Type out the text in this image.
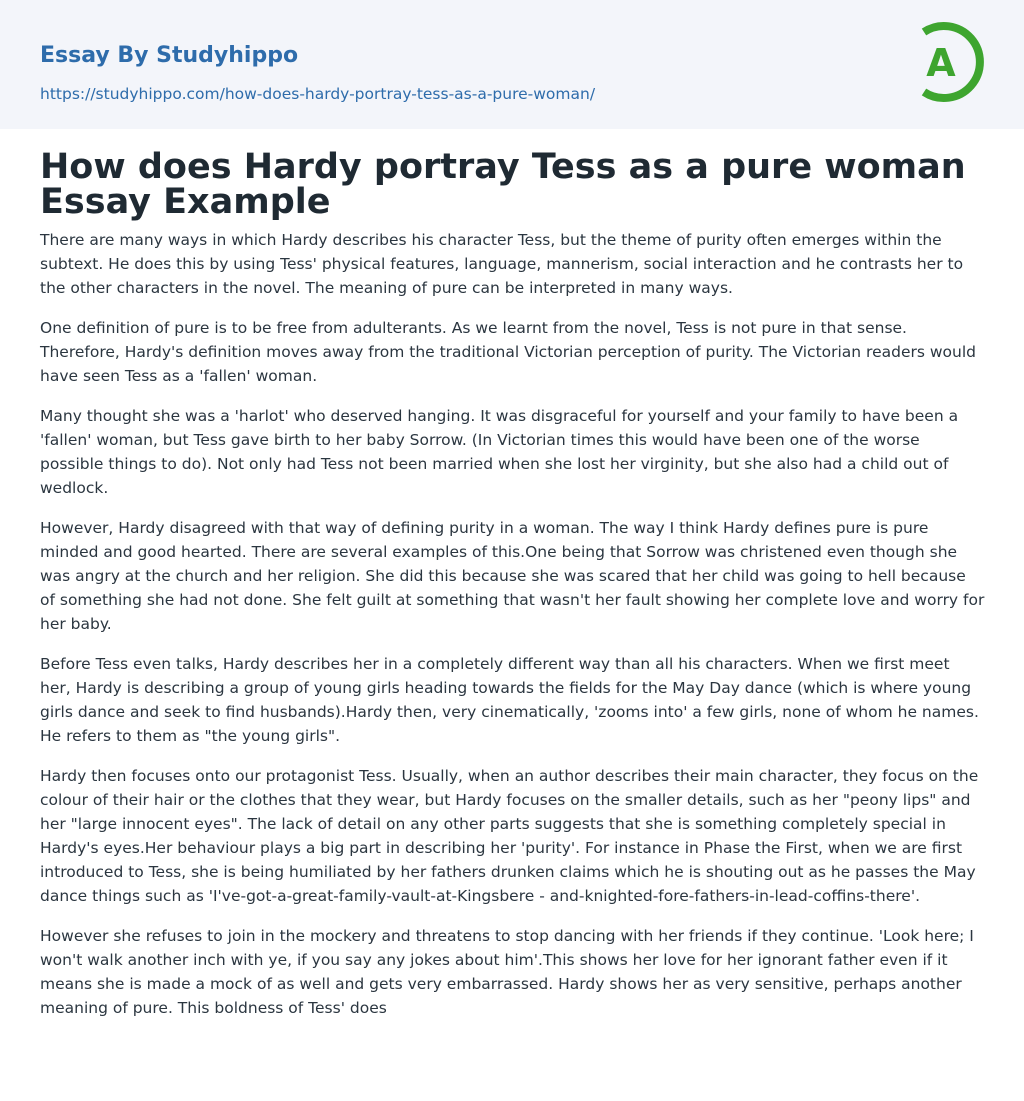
Essay By Studyhippo
https://studyhippo.com/how-does-hardy-portray-tess-as-a-pure-woman/
A
How does Hardy portray Tess as a pure woman Essay Example

There are many ways in which Hardy describes his character Tess, but the theme of purity often emerges within the subtext. He does this by using Tess' physical features, language, mannerism, social interaction and he contrasts her to the other characters in the novel. The meaning of pure can be interpreted in many ways.

One definition of pure is to be free from adulterants. As we learnt from the novel, Tess is not pure in that sense. Therefore, Hardy's definition moves away from the traditional Victorian perception of purity. The Victorian readers would have seen Tess as a 'fallen' woman.

Many thought she was a 'harlot' who deserved hanging. It was disgraceful for yourself and your family to have been a 'fallen' woman, but Tess gave birth to her baby Sorrow. (In Victorian times this would have been one of the worse possible things to do). Not only had Tess not been married when she lost her virginity, but she also had a child out of wedlock.

However, Hardy disagreed with that way of defining purity in a woman. The way I think Hardy defines pure is pure minded and good hearted. There are several examples of this.One being that Sorrow was christened even though she was angry at the church and her religion. She did this because she was scared that her child was going to hell because of something she had not done. She felt guilt at something that wasn't her fault showing her complete love and worry for her baby.

Before Tess even talks, Hardy describes her in a completely different way than all his characters. When we first meet her, Hardy is describing a group of young girls heading towards the fields for the May Day dance (which is where young girls dance and seek to find husbands).Hardy then, very cinematically, 'zooms into' a few girls, none of whom he names. He refers to them as "the young girls".

Hardy then focuses onto our protagonist Tess. Usually, when an author describes their main character, they focus on the colour of their hair or the clothes that they wear, but Hardy focuses on the smaller details, such as her "peony lips" and her "large innocent eyes". The lack of detail on any other parts suggests that she is something completely special in Hardy's eyes.Her behaviour plays a big part in describing her 'purity'. For instance in Phase the First, when we are first introduced to Tess, she is being humiliated by her fathers drunken claims which he is shouting out as he passes the May dance things such as 'I've-got-a-great-family-vault-at-Kingsbere - and-knighted-fore-fathers-in-lead-coffins-there'.

However she refuses to join in the mockery and threatens to stop dancing with her friends if they continue. 'Look here; I won't walk another inch with ye, if you say any jokes about him'.This shows her love for her ignorant father even if it means she is made a mock of as well and gets very embarrassed. Hardy shows her as very sensitive, perhaps another meaning of pure. This boldness of Tess' does
